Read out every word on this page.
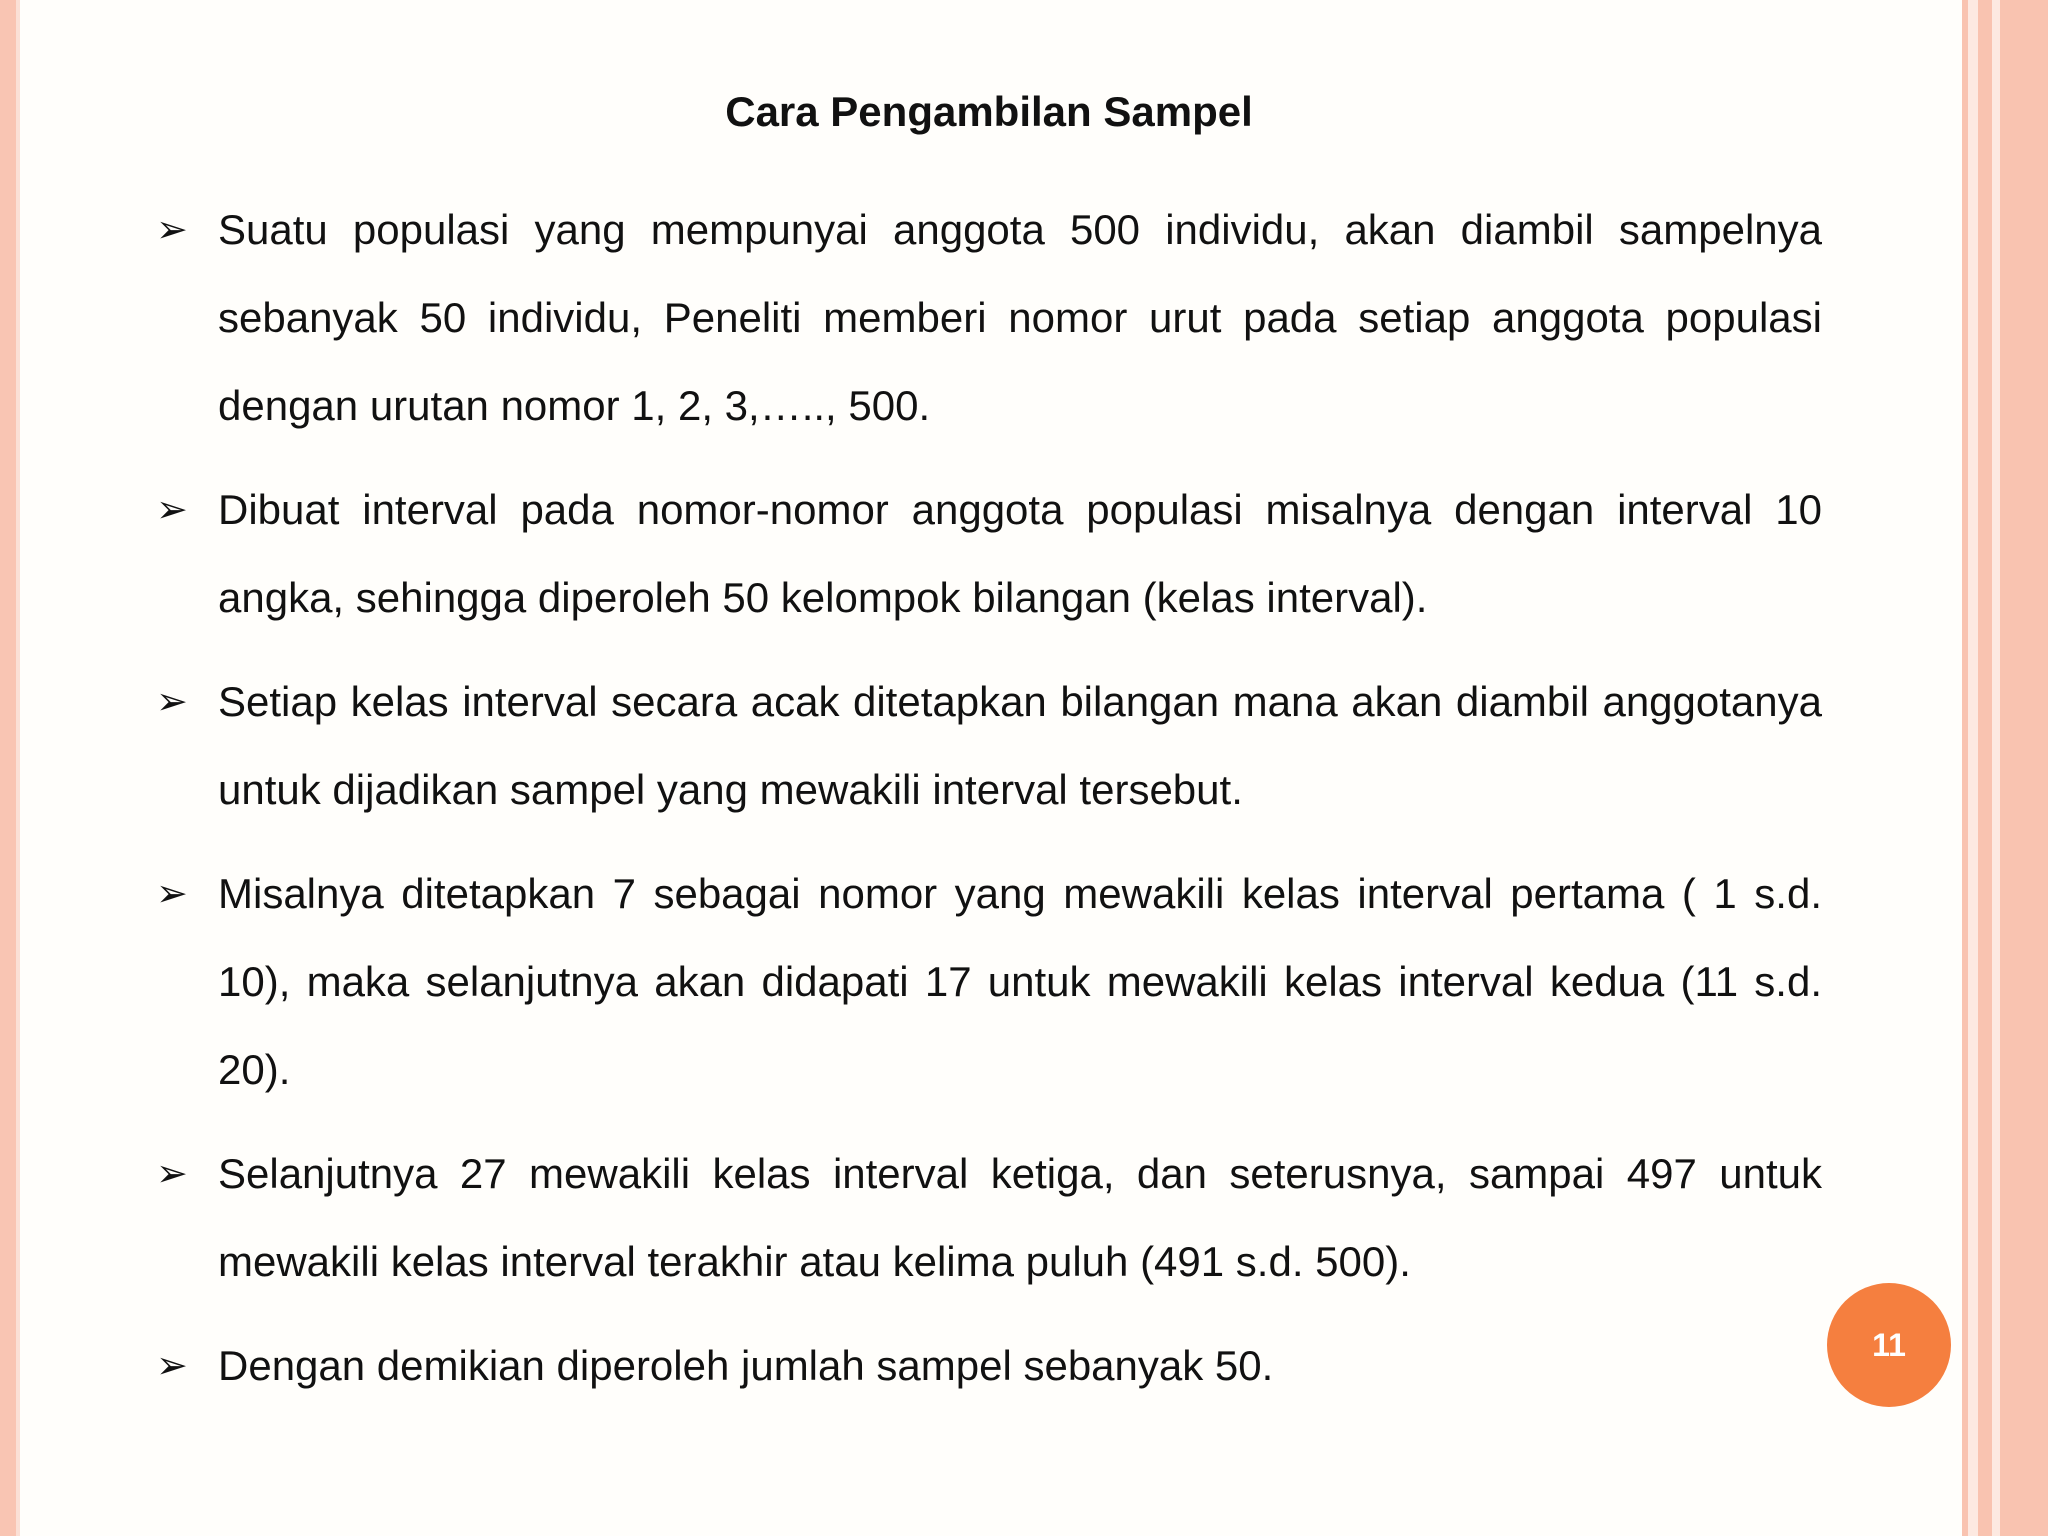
Cara Pengambilan Sampel
➢ Suatu populasi yang mempunyai anggota 500 individu, akan diambil sampelnya sebanyak 50 individu, Peneliti memberi nomor urut pada setiap anggota populasi dengan urutan nomor 1, 2, 3,….., 500.
➢ Dibuat interval pada nomor-nomor anggota populasi misalnya dengan interval 10 angka, sehingga diperoleh 50 kelompok bilangan (kelas interval).
➢ Setiap kelas interval secara acak ditetapkan bilangan mana akan diambil anggotanya untuk dijadikan sampel yang mewakili interval tersebut.
➢ Misalnya ditetapkan 7 sebagai nomor yang mewakili kelas interval pertama ( 1 s.d. 10), maka selanjutnya akan didapati 17 untuk mewakili kelas interval kedua (11 s.d. 20).
➢ Selanjutnya 27 mewakili kelas interval ketiga, dan seterusnya, sampai 497 untuk mewakili kelas interval terakhir atau kelima puluh (491 s.d. 500).
➢ Dengan demikian diperoleh jumlah sampel sebanyak 50.	11
